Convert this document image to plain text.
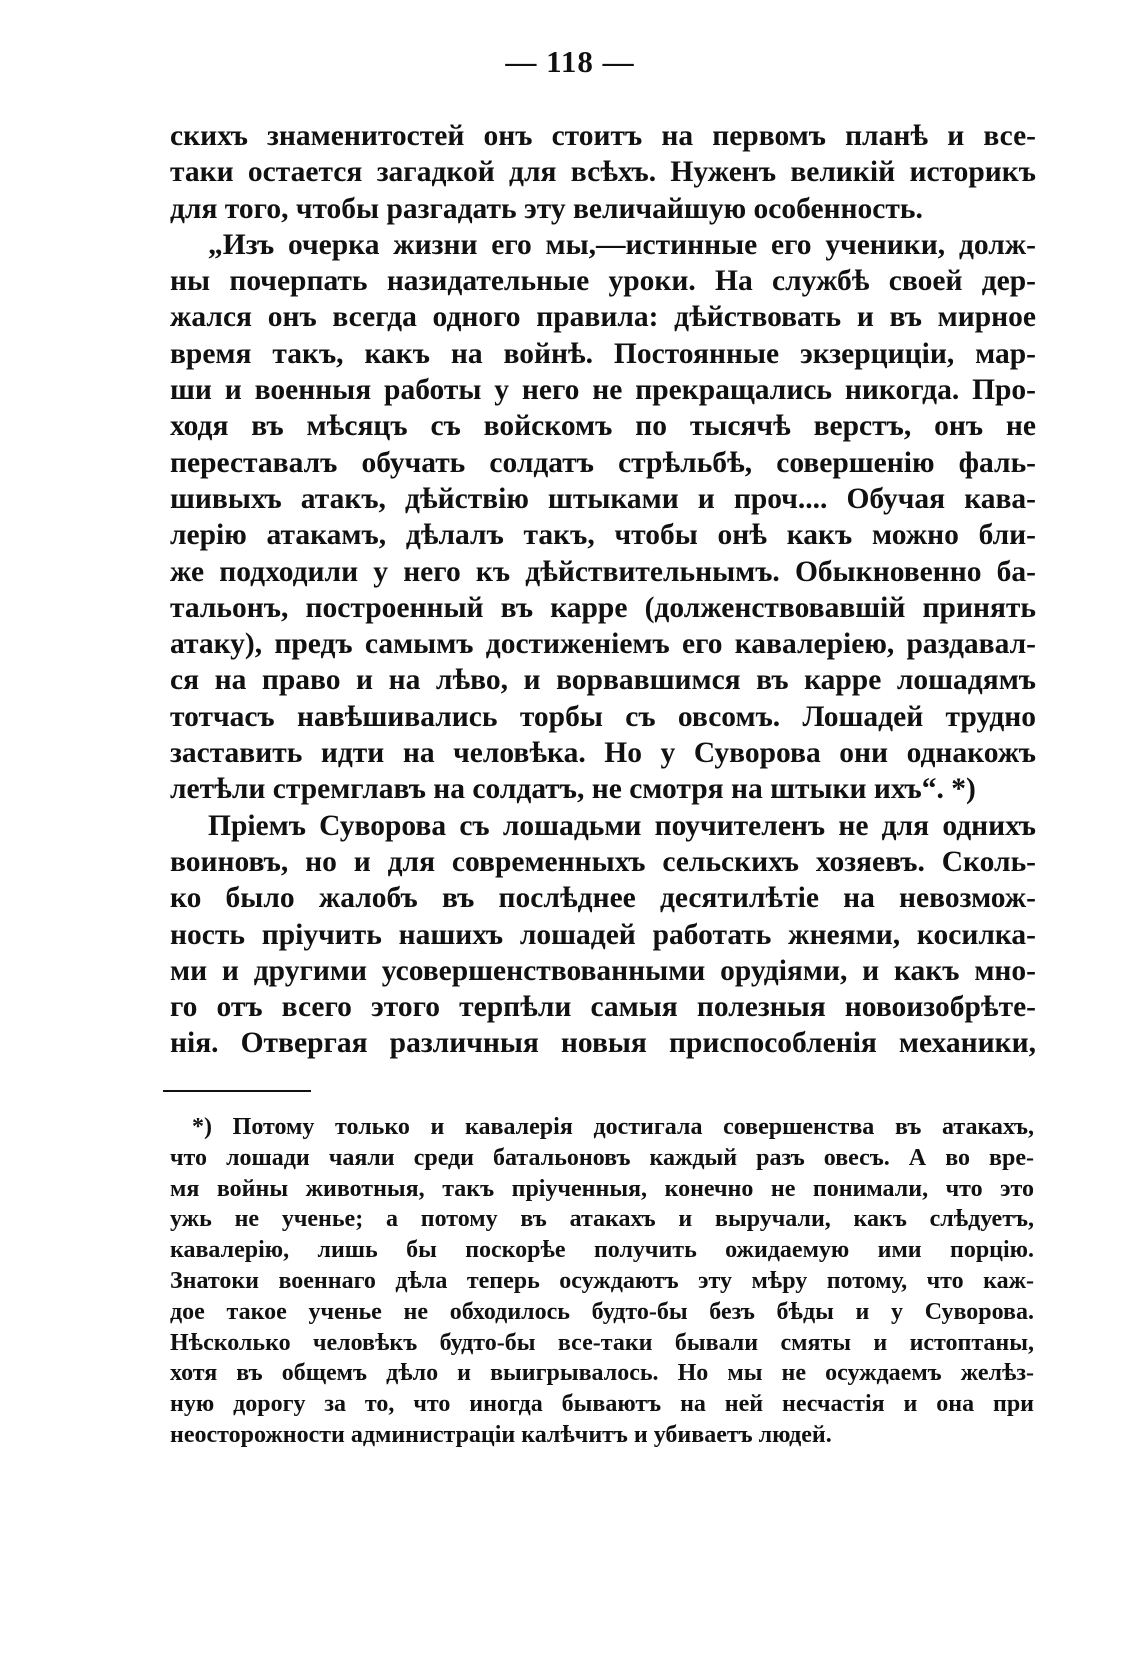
— 118 —
скихъ знаменитостей онъ стоитъ на первомъ планѣ и все-
таки остается загадкой для всѣхъ. Нуженъ великій историкъ
для того, чтобы разгадать эту величайшую особенность.
„Изъ очерка жизни его мы,—истинные его ученики, долж-
ны почерпать назидательные уроки. На службѣ своей дер-
жался онъ всегда одного правила: дѣйствовать и въ мирное
время такъ, какъ на войнѣ. Постоянные экзерциціи, мар-
ши и военныя работы у него не прекращались никогда. Про-
ходя въ мѣсяцъ съ войскомъ по тысячѣ верстъ, онъ не
переставалъ обучать солдатъ стрѣльбѣ, совершенію фаль-
шивыхъ атакъ, дѣйствію штыками и проч.... Обучая кава-
лерію атакамъ, дѣлалъ такъ, чтобы онѣ какъ можно бли-
же подходили у него къ дѣйствительнымъ. Обыкновенно ба-
тальонъ, построенный въ карре (долженствовавшій принять
атаку), предъ самымъ достиженіемъ его кавалеріею, раздавал-
ся на право и на лѣво, и ворвавшимся въ карре лошадямъ
тотчасъ навѣшивались торбы съ овсомъ. Лошадей трудно
заставить идти на человѣка. Но у Суворова они однакожъ
летѣли стремглавъ на солдатъ, не смотря на штыки ихъ“. *)
Пріемъ Суворова съ лошадьми поучителенъ не для однихъ
воиновъ, но и для современныхъ сельскихъ хозяевъ. Сколь-
ко было жалобъ въ послѣднее десятилѣтіе на невозмож-
ность пріучить нашихъ лошадей работать жнеями, косилка-
ми и другими усовершенствованными орудіями, и какъ мно-
го отъ всего этого терпѣли самыя полезныя новоизобрѣте-
нія. Отвергая различныя новыя приспособленія механики,
*) Потому только и кавалерія достигала совершенства въ атакахъ,
что лошади чаяли среди батальоновъ каждый разъ овесъ. А во вре-
мя войны животныя, такъ пріученныя, конечно не понимали, что это
ужь не ученье; а потому въ атакахъ и выручали, какъ слѣдуетъ,
кавалерію, лишь бы поскорѣе получить ожидаемую ими порцію.
Знатоки военнаго дѣла теперь осуждаютъ эту мѣру потому, что каж-
дое такое ученье не обходилось будто-бы безъ бѣды и у Суворова.
Нѣсколько человѣкъ будто-бы все-таки бывали смяты и истоптаны,
хотя въ общемъ дѣло и выигрывалось. Но мы не осуждаемъ желѣз-
ную дорогу за то, что иногда бываютъ на ней несчастія и она при
неосторожности администраціи калѣчитъ и убиваетъ людей.
